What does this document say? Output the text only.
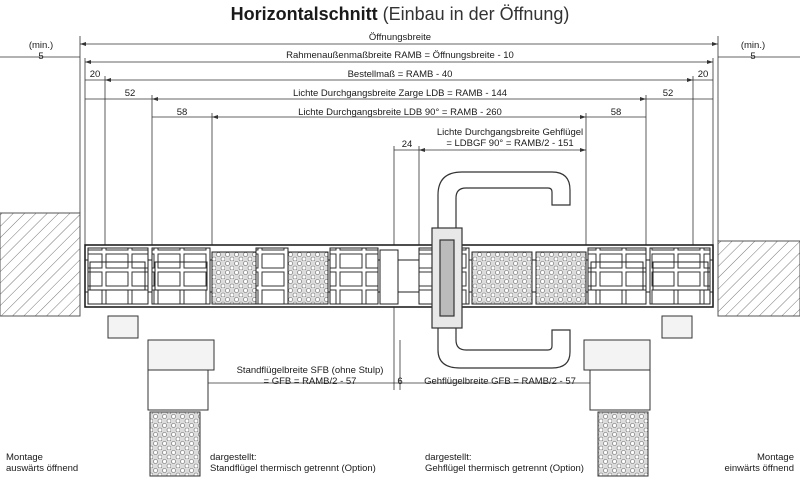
Horizontalschnitt (Einbau in der Öffnung)
(min.)
5
(min.)
5
Öffnungsbreite
Rahmenaußenmaßbreite RAMB = Öffnungsbreite - 10
20	20
Bestellmaß = RAMB - 40
52	52
Lichte Durchgangsbreite Zarge LDB = RAMB - 144
58	58
Lichte Durchgangsbreite LDB 90° = RAMB - 260
Lichte Durchgangsbreite Gehflügel
= LDBGF 90° = RAMB/2 - 151
24
Standflügelbreite SFB (ohne Stulp)
= GFB = RAMB/2 - 57	6	Gehflügelbreite GFB = RAMB/2 - 57
Montage
auswärts öffnend
Montage
einwärts öffnend
dargestellt:
Standflügel thermisch getrennt (Option)
dargestellt:
Gehflügel thermisch getrennt (Option)
